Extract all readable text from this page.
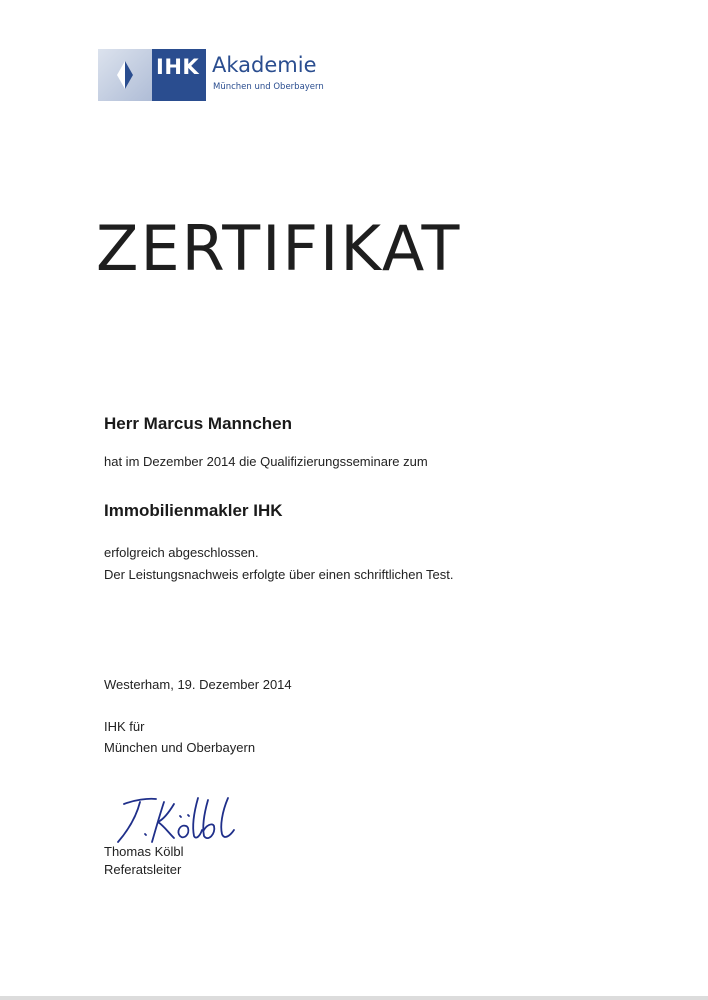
IHK Akademie
München und Oberbayern
ZERTIFIKAT
Herr Marcus Mannchen
hat im Dezember 2014 die Qualifizierungsseminare zum
Immobilienmakler IHK
erfolgreich abgeschlossen.
Der Leistungsnachweis erfolgte über einen schriftlichen Test.
Westerham, 19. Dezember 2014
IHK für
München und Oberbayern
Thomas Kölbl
Referatsleiter
